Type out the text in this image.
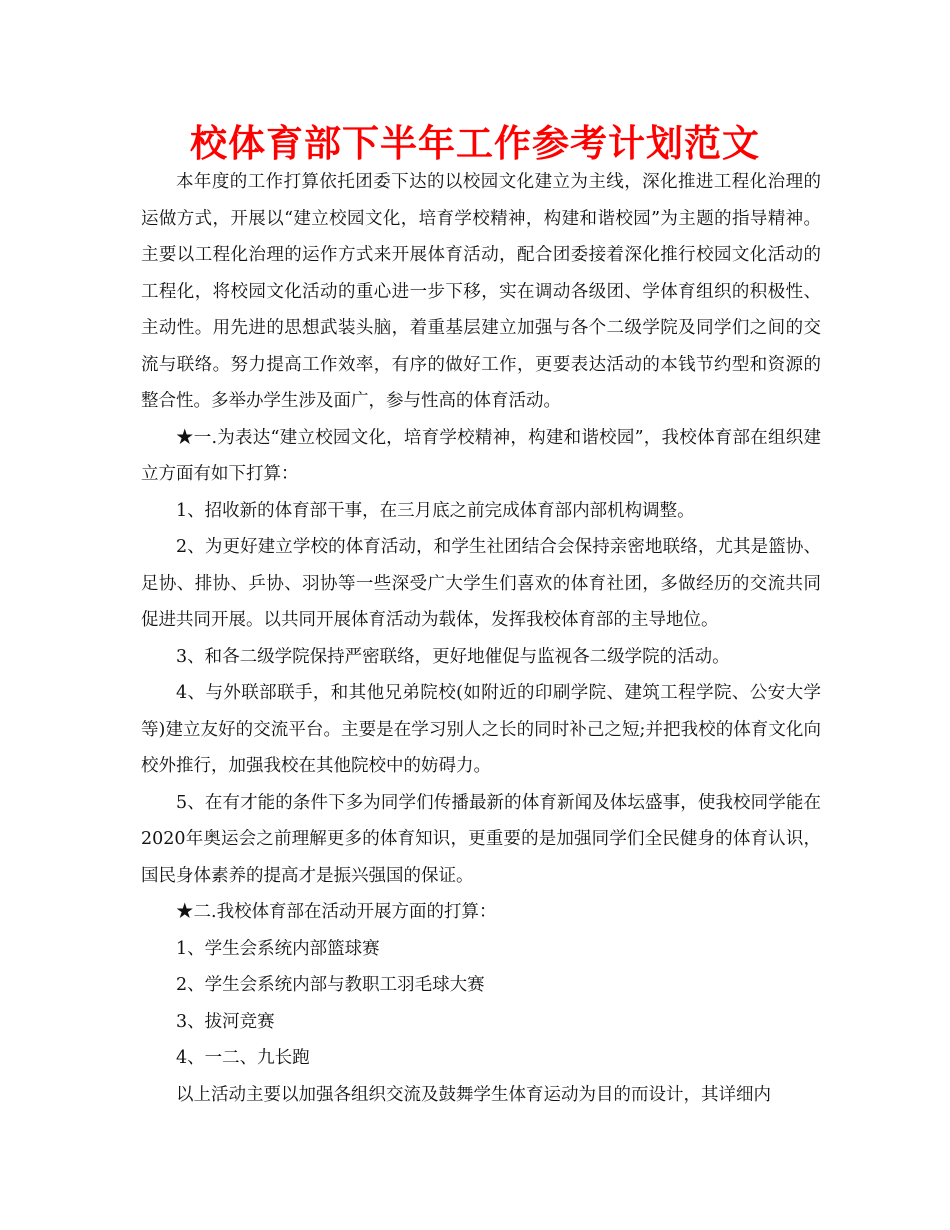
校体育部下半年工作参考计划范文

本年度的工作打算依托团委下达的以校园文化建立为主线，深化推进工程化治理的运做方式，开展以“建立校园文化，培育学校精神，构建和谐校园”为主题的指导精神。主要以工程化治理的运作方式来开展体育活动，配合团委接着深化推行校园文化活动的工程化，将校园文化活动的重心进一步下移，实在调动各级团、学体育组织的积极性、主动性。用先进的思想武装头脑，着重基层建立加强与各个二级学院及同学们之间的交流与联络。努力提高工作效率，有序的做好工作，更要表达活动的本钱节约型和资源的整合性。多举办学生涉及面广，参与性高的体育活动。

★一.为表达“建立校园文化，培育学校精神，构建和谐校园”，我校体育部在组织建立方面有如下打算：

1、招收新的体育部干事，在三月底之前完成体育部内部机构调整。

2、为更好建立学校的体育活动，和学生社团结合会保持亲密地联络，尤其是篮协、足协、排协、乒协、羽协等一些深受广大学生们喜欢的体育社团，多做经历的交流共同促进共同开展。以共同开展体育活动为载体，发挥我校体育部的主导地位。

3、和各二级学院保持严密联络，更好地催促与监视各二级学院的活动。

4、与外联部联手，和其他兄弟院校(如附近的印刷学院、建筑工程学院、公安大学等)建立友好的交流平台。主要是在学习别人之长的同时补己之短;并把我校的体育文化向校外推行，加强我校在其他院校中的妨碍力。

5、在有才能的条件下多为同学们传播最新的体育新闻及体坛盛事，使我校同学能在2020年奥运会之前理解更多的体育知识，更重要的是加强同学们全民健身的体育认识，国民身体素养的提高才是振兴强国的保证。

★二.我校体育部在活动开展方面的打算：

1、学生会系统内部篮球赛

2、学生会系统内部与教职工羽毛球大赛

3、拔河竞赛

4、一二、九长跑

以上活动主要以加强各组织交流及鼓舞学生体育运动为目的而设计，其详细内
